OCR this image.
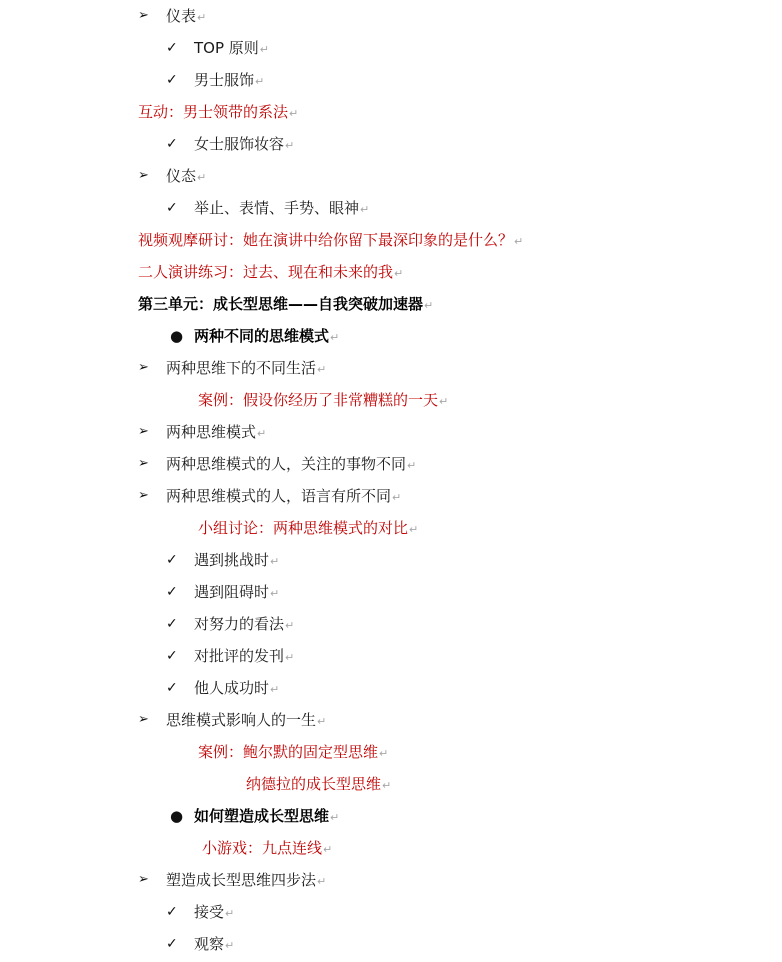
➢	仪表↵
✓	TOP 原则↵
✓	男士服饰↵
互动：男士领带的系法↵
✓	女士服饰妆容↵
➢	仪态↵
✓	举止、表情、手势、眼神↵
视频观摩研讨：她在演讲中给你留下最深印象的是什么？↵
二人演讲练习：过去、现在和未来的我↵
第三单元：成长型思维——自我突破加速器↵
● 两种不同的思维模式↵
➢	两种思维下的不同生活↵
案例：假设你经历了非常糟糕的一天↵
➢	两种思维模式↵
➢	两种思维模式的人，关注的事物不同↵
➢	两种思维模式的人，语言有所不同↵
小组讨论：两种思维模式的对比↵
✓	遇到挑战时↵
✓	遇到阻碍时↵
✓	对努力的看法↵
✓	对批评的发刊↵
✓	他人成功时↵
➢	思维模式影响人的一生↵
案例：鲍尔默的固定型思维↵
纳德拉的成长型思维↵
● 如何塑造成长型思维↵
小游戏：九点连线↵
➢	塑造成长型思维四步法↵
✓	接受↵
✓	观察↵
